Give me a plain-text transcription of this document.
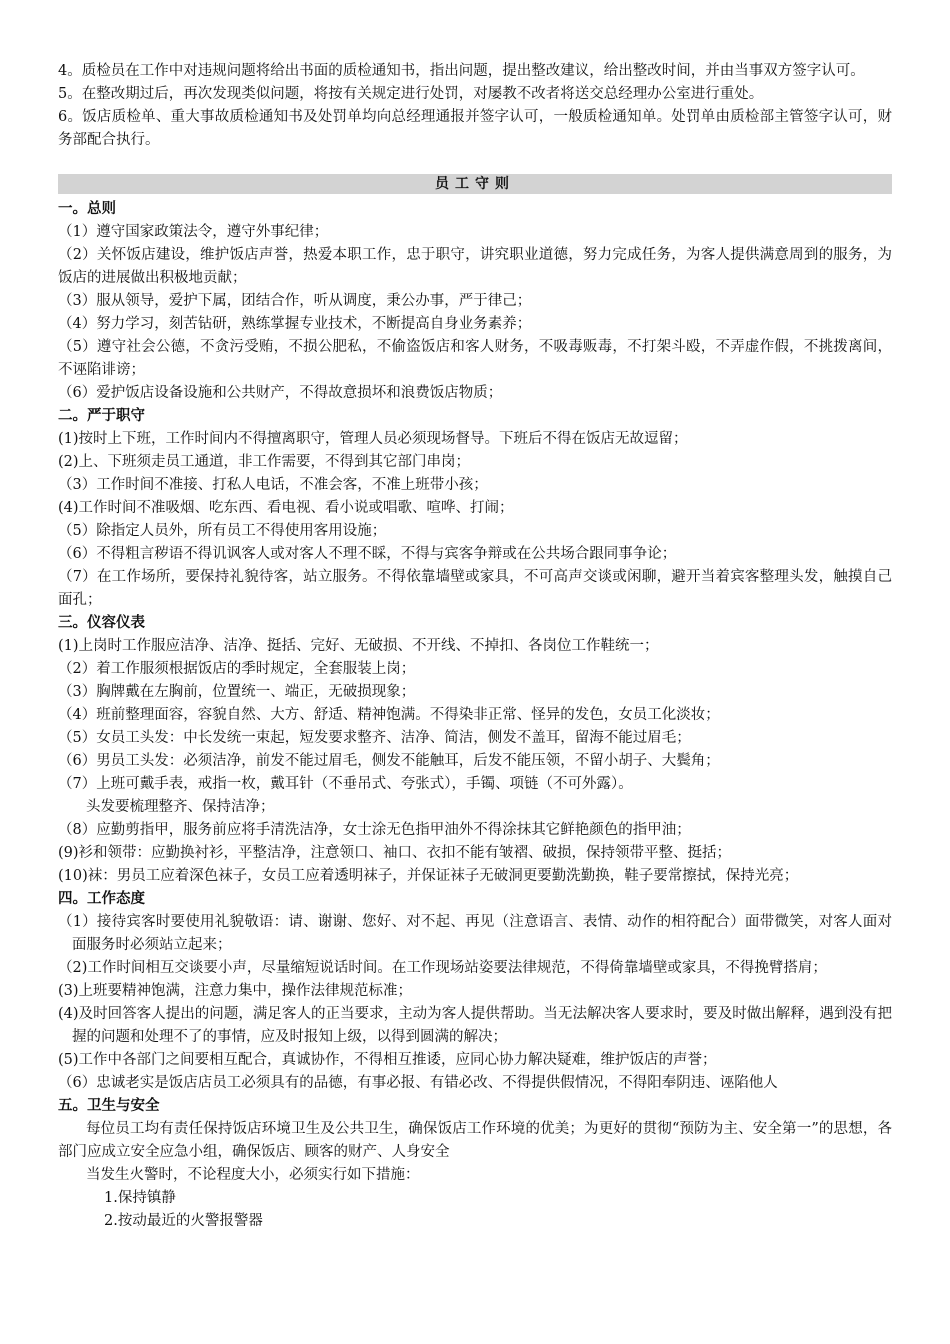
4。质检员在工作中对违规问题将给出书面的质检通知书，指出问题，提出整改建议，给出整改时间，并由当事双方签字认可。

5。在整改期过后，再次发现类似问题，将按有关规定进行处罚，对屡教不改者将送交总经理办公室进行重处。

6。饭店质检单、重大事故质检通知书及处罚单均向总经理通报并签字认可，一般质检通知单。处罚单由质检部主管签字认可，财务部配合执行。

员工守则

一。总则

（1）遵守国家政策法令，遵守外事纪律；

（2）关怀饭店建设，维护饭店声誉，热爱本职工作，忠于职守，讲究职业道德，努力完成任务，为客人提供满意周到的服务，为饭店的进展做出积极地贡献；

（3）服从领导，爱护下属，团结合作，听从调度，秉公办事，严于律己；

（4）努力学习，刻苦钻研，熟练掌握专业技术，不断提高自身业务素养；

（5）遵守社会公德，不贪污受贿，不损公肥私，不偷盗饭店和客人财务，不吸毒贩毒，不打架斗殴，不弄虚作假，不挑拨离间，不诬陷诽谤；

（6）爱护饭店设备设施和公共财产，不得故意损坏和浪费饭店物质；

二。严于职守

(1)按时上下班，工作时间内不得擅离职守，管理人员必须现场督导。下班后不得在饭店无故逗留；

(2)上、下班须走员工通道，非工作需要，不得到其它部门串岗；

（3）工作时间不准接、打私人电话，不准会客，不准上班带小孩；

(4)工作时间不准吸烟、吃东西、看电视、看小说或唱歌、喧哗、打闹；

（5）除指定人员外，所有员工不得使用客用设施；

（6）不得粗言秽语不得讥讽客人或对客人不理不睬，不得与宾客争辩或在公共场合跟同事争论；

（7）在工作场所，要保持礼貌待客，站立服务。不得依靠墙壁或家具，不可高声交谈或闲聊，避开当着宾客整理头发，触摸自己面孔；

三。仪容仪表

(1)上岗时工作服应洁净、洁净、挺括、完好、无破损、不开线、不掉扣、各岗位工作鞋统一；

（2）着工作服须根据饭店的季时规定，全套服装上岗；

（3）胸牌戴在左胸前，位置统一、端正，无破损现象；

（4）班前整理面容，容貌自然、大方、舒适、精神饱满。不得染非正常、怪异的发色，女员工化淡妆；

（5）女员工头发：中长发统一束起，短发要求整齐、洁净、简洁，侧发不盖耳，留海不能过眉毛；

（6）男员工头发：必须洁净，前发不能过眉毛，侧发不能触耳，后发不能压领，不留小胡子、大鬓角；

（7）上班可戴手表，戒指一枚，戴耳针（不垂吊式、夸张式），手镯、项链（不可外露）。

头发要梳理整齐、保持洁净；

（8）应勤剪指甲，服务前应将手清洗洁净，女士涂无色指甲油外不得涂抹其它鲜艳颜色的指甲油；

(9)衫和领带：应勤换衬衫，平整洁净，注意领口、袖口、衣扣不能有皱褶、破损，保持领带平整、挺括；

(10)袜：男员工应着深色袜子，女员工应着透明袜子，并保证袜子无破洞更要勤洗勤换，鞋子要常擦拭，保持光亮；

四。工作态度

（1）接待宾客时要使用礼貌敬语：请、谢谢、您好、对不起、再见（注意语言、表情、动作的相符配合）面带微笑，对客人面对面服务时必须站立起来；

（2)工作时间相互交谈要小声，尽量缩短说话时间。在工作现场站姿要法律规范，不得倚靠墙壁或家具，不得挽臂搭肩；

(3)上班要精神饱满，注意力集中，操作法律规范标准；

(4)及时回答客人提出的问题，满足客人的正当要求，主动为客人提供帮助。当无法解决客人要求时，要及时做出解释，遇到没有把握的问题和处理不了的事情，应及时报知上级，以得到圆满的解决；

(5)工作中各部门之间要相互配合，真诚协作，不得相互推诿，应同心协力解决疑难，维护饭店的声誉；

（6）忠诚老实是饭店店员工必须具有的品德，有事必报、有错必改、不得提供假情况，不得阳奉阴违、诬陷他人

五。卫生与安全

每位员工均有责任保持饭店环境卫生及公共卫生，确保饭店工作环境的优美；为更好的贯彻“预防为主、安全第一”的思想，各部门应成立安全应急小组，确保饭店、顾客的财产、人身安全

当发生火警时，不论程度大小，必须实行如下措施：

1.保持镇静

2.按动最近的火警报警器
